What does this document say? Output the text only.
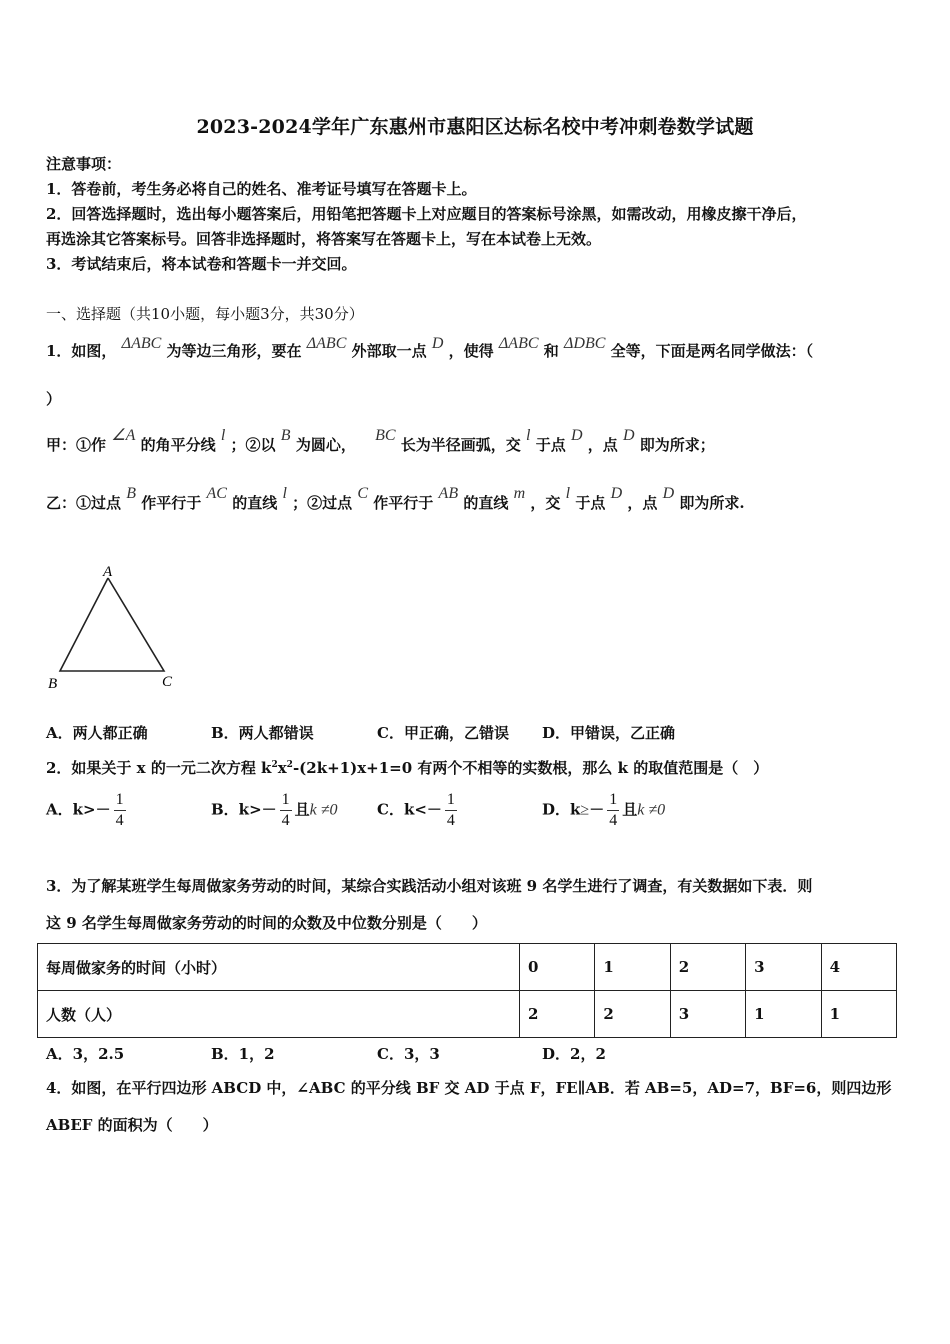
2023-2024学年广东惠州市惠阳区达标名校中考冲刺卷数学试题
注意事项：
1．答卷前，考生务必将自己的姓名、准考证号填写在答题卡上。
2．回答选择题时，选出每小题答案后，用铅笔把答题卡上对应题目的答案标号涂黑，如需改动，用橡皮擦干净后，
再选涂其它答案标号。回答非选择题时，将答案写在答题卡上，写在本试卷上无效。
3．考试结束后，将本试卷和答题卡一并交回。
一、选择题（共10小题，每小题3分，共30分）
1．如图， ΔABC 为等边三角形，要在 ΔABC 外部取一点 D ，使得 ΔABC 和 ΔDBC 全等，下面是两名同学做法：（
）
甲：①作 ∠A 的角平分线 l ；②以 B 为圆心， BC 长为半径画弧，交 l 于点 D ，点 D 即为所求；
乙：①过点 B 作平行于 AC 的直线 l ；②过点 C 作平行于 AB 的直线 m ，交 l 于点 D ，点 D 即为所求.
A
B	C
A．两人都正确	B．两人都错误	C．甲正确，乙错误 D．甲错误，乙正确
2．如果关于 x 的一元二次方程 $k^2x^2-(2k+1)x+1=0$ 有两个不相等的实数根，那么 k 的取值范围是（　）
A．$k>- \frac{1}{4}$	B．$k>- \frac{1}{4}$ 且k ≠0	C．$k<- \frac{1}{4}$	D．$k\ge- \frac{1}{4}$ 且k ≠0
3．为了解某班学生每周做家务劳动的时间，某综合实践活动小组对该班 9 名学生进行了调查，有关数据如下表．则
这 9 名学生每周做家务劳动的时间的众数及中位数分别是（　　）
每周做家务的时间（小时）	0	1	2	3	4
人数（人）	2	2	3	1	1
A．3，2.5	B．1，2	C．3，3	D．2，2
4．如图，在平行四边形 ABCD 中，∠ABC 的平分线 BF 交 AD 于点 F，FE∥AB．若 AB=5，AD=7，BF=6，则四边形
ABEF 的面积为（　　）
